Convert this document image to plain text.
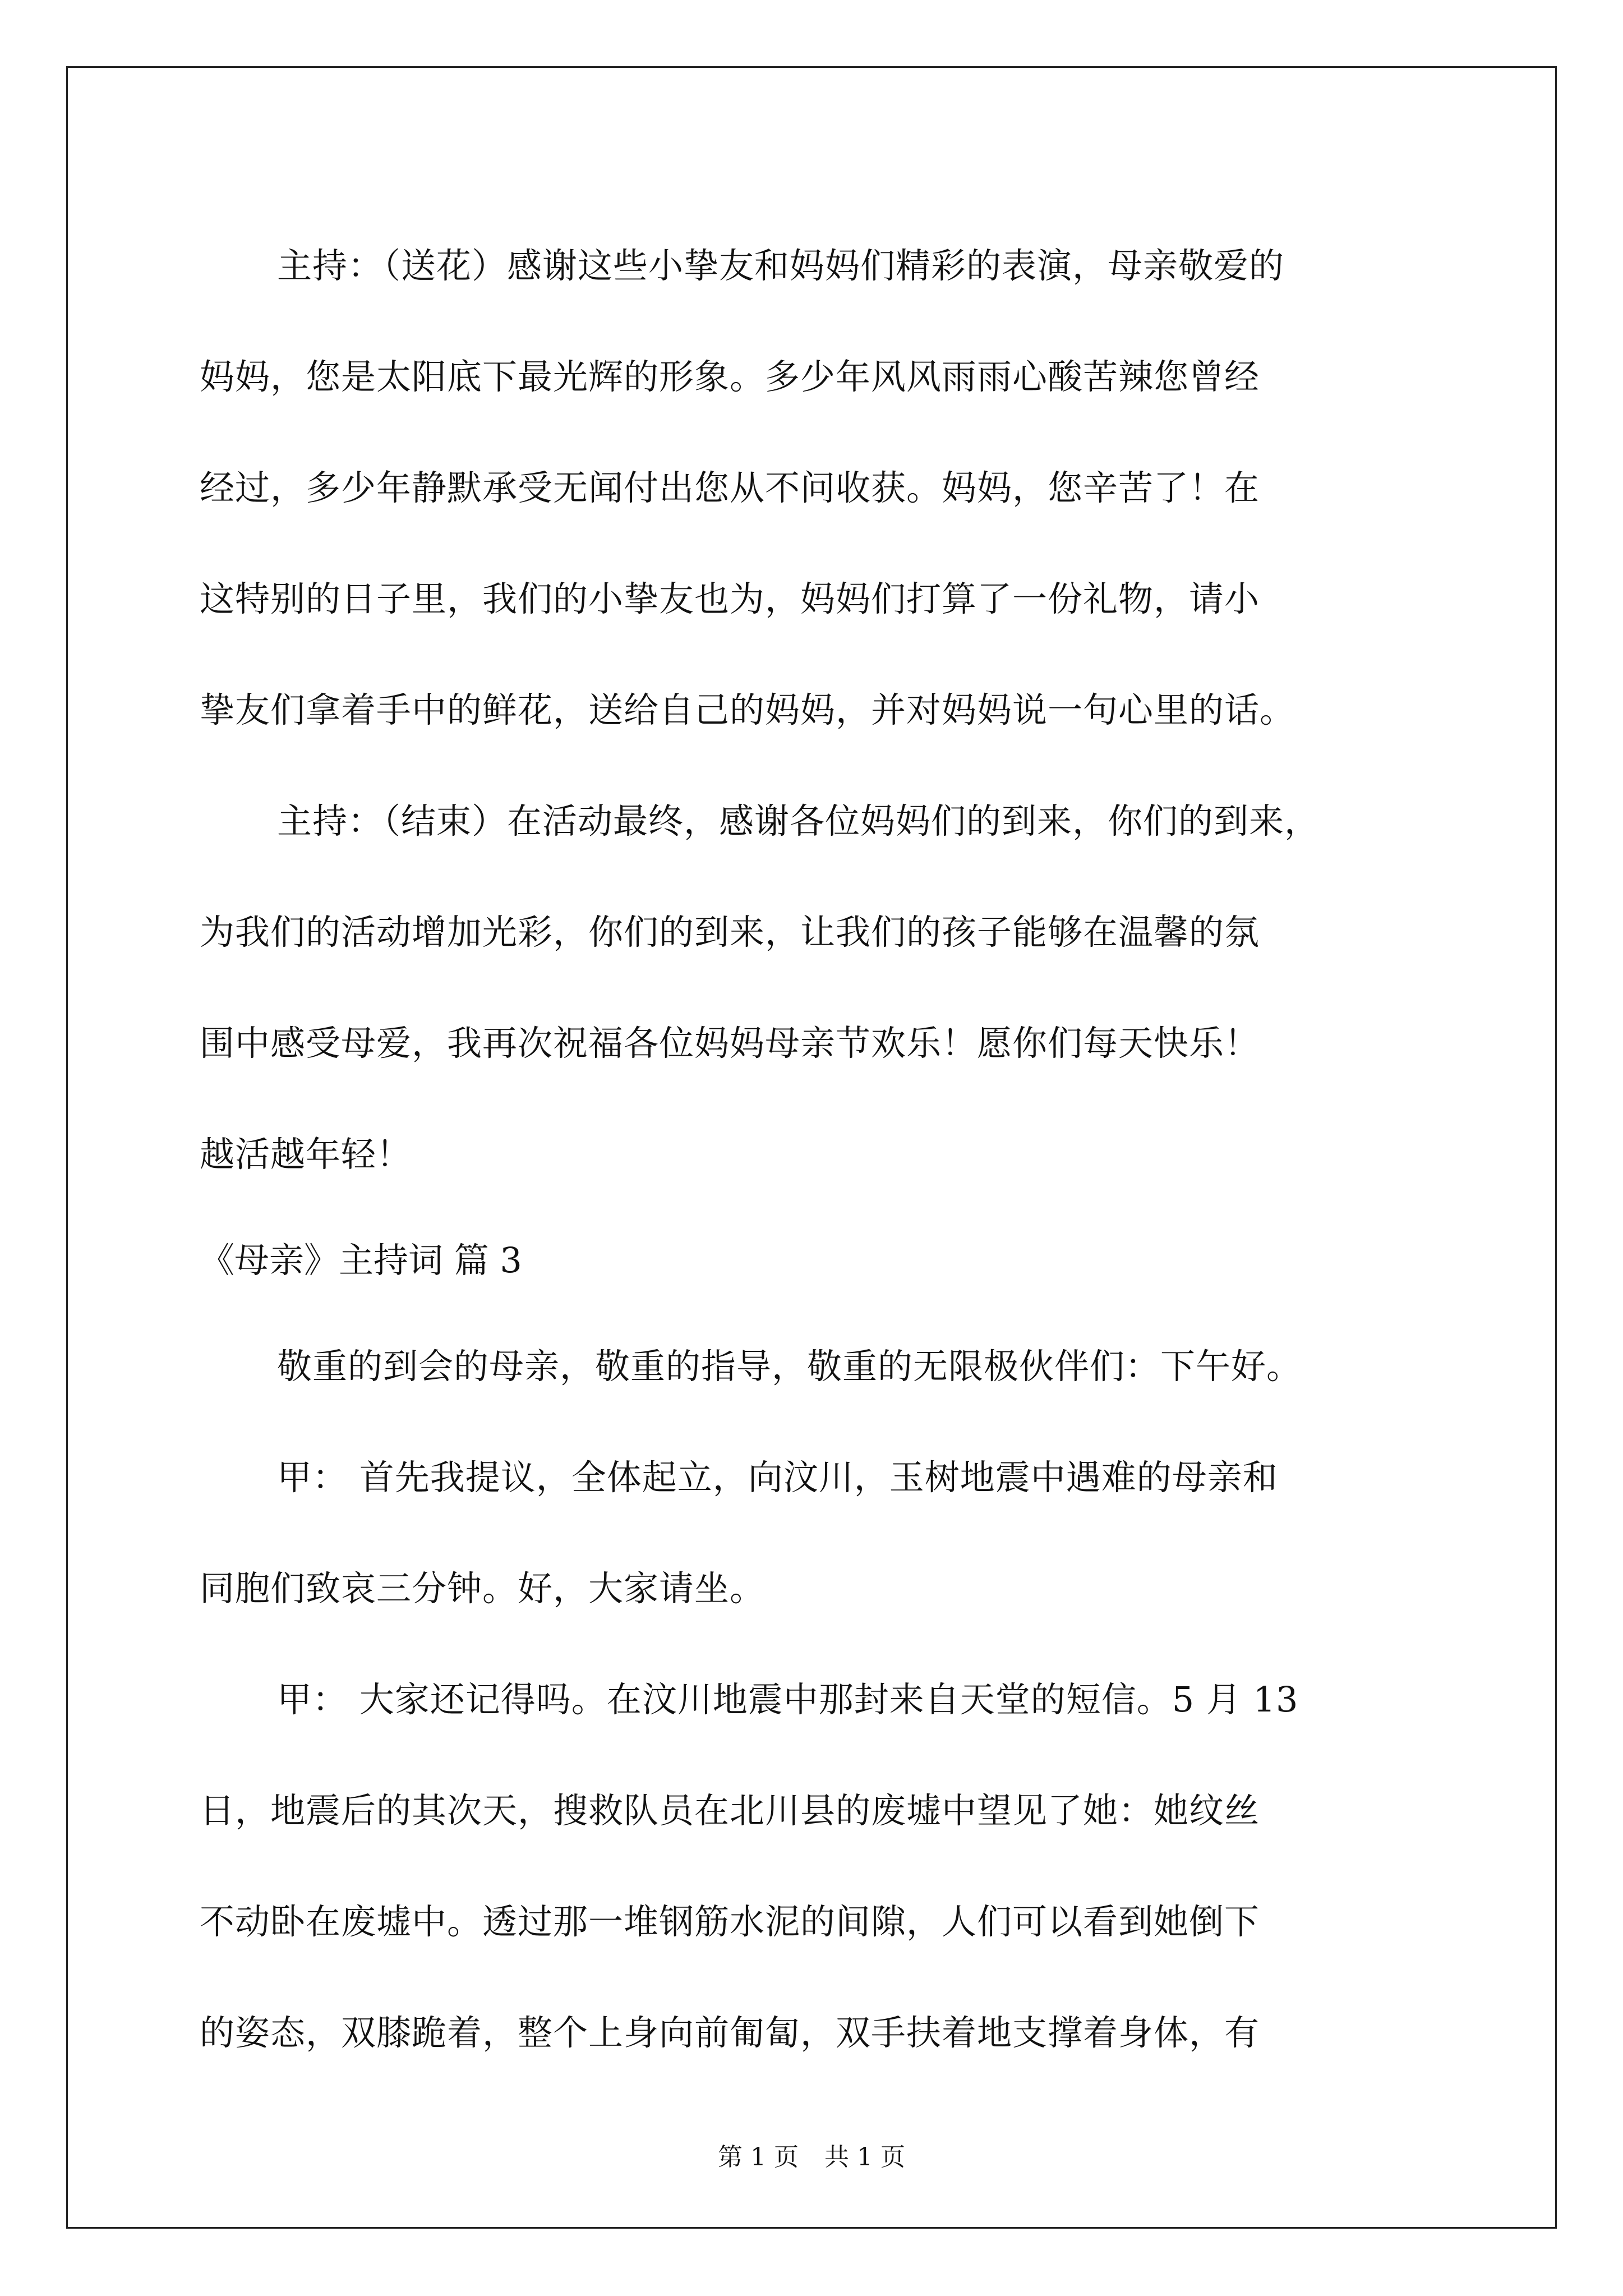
主持：（送花）感谢这些小挚友和妈妈们精彩的表演，母亲敬爱的
妈妈，您是太阳底下最光辉的形象。多少年风风雨雨心酸苦辣您曾经
经过，多少年静默承受无闻付出您从不问收获。妈妈，您辛苦了！在
这特别的日子里，我们的小挚友也为，妈妈们打算了一份礼物，请小
挚友们拿着手中的鲜花，送给自己的妈妈，并对妈妈说一句心里的话。
主持：（结束）在活动最终，感谢各位妈妈们的到来，你们的到来，
为我们的活动增加光彩，你们的到来，让我们的孩子能够在温馨的氛
围中感受母爱，我再次祝福各位妈妈母亲节欢乐！愿你们每天快乐！
越活越年轻！
《母亲》主持词 篇 3
敬重的到会的母亲，敬重的指导，敬重的无限极伙伴们：下午好。
甲： 首先我提议，全体起立，向汶川，玉树地震中遇难的母亲和
同胞们致哀三分钟。好，大家请坐。
甲： 大家还记得吗。在汶川地震中那封来自天堂的短信。5 月 13
日，地震后的其次天，搜救队员在北川县的废墟中望见了她：她纹丝
不动卧在废墟中。透过那一堆钢筋水泥的间隙，人们可以看到她倒下
的姿态，双膝跪着，整个上身向前匍匐，双手扶着地支撑着身体，有
第 1 页 共 1 页
